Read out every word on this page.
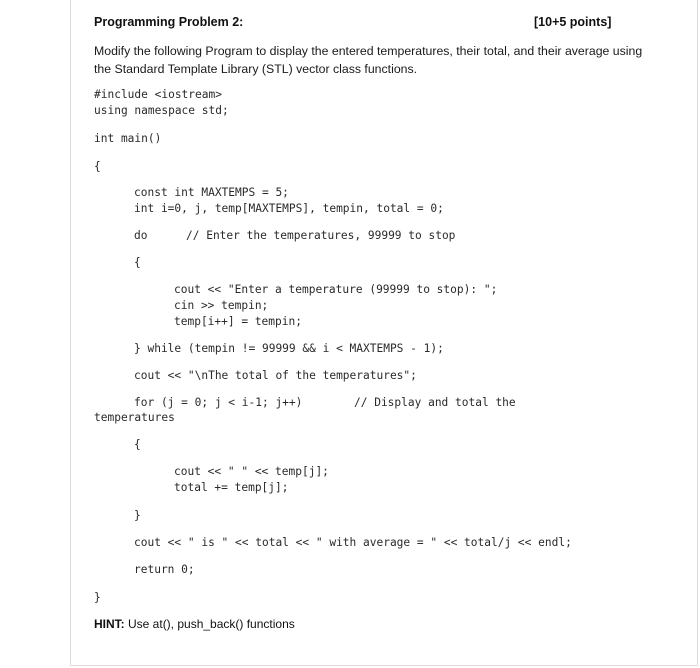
Programming Problem 2:	[10+5 points]
Modify the following Program to display the entered temperatures, their total, and their average using
the Standard Template Library (STL) vector class functions.
#include <iostream>
using namespace std;
int main()
{
const int MAXTEMPS = 5;
int i=0, j, temp[MAXTEMPS], tempin, total = 0;
do	// Enter the temperatures, 99999 to stop
{
cout << "Enter a temperature (99999 to stop): ";
cin >> tempin;
temp[i++] = tempin;
} while (tempin != 99999 && i < MAXTEMPS - 1);
cout << "\nThe total of the temperatures";
for (j = 0; j < i-1; j++)	// Display and total the
temperatures
{
cout << " " << temp[j];
total += temp[j];
}
cout << " is " << total << " with average = " << total/j << endl;
return 0;
}
HINT: Use at(), push_back() functions
